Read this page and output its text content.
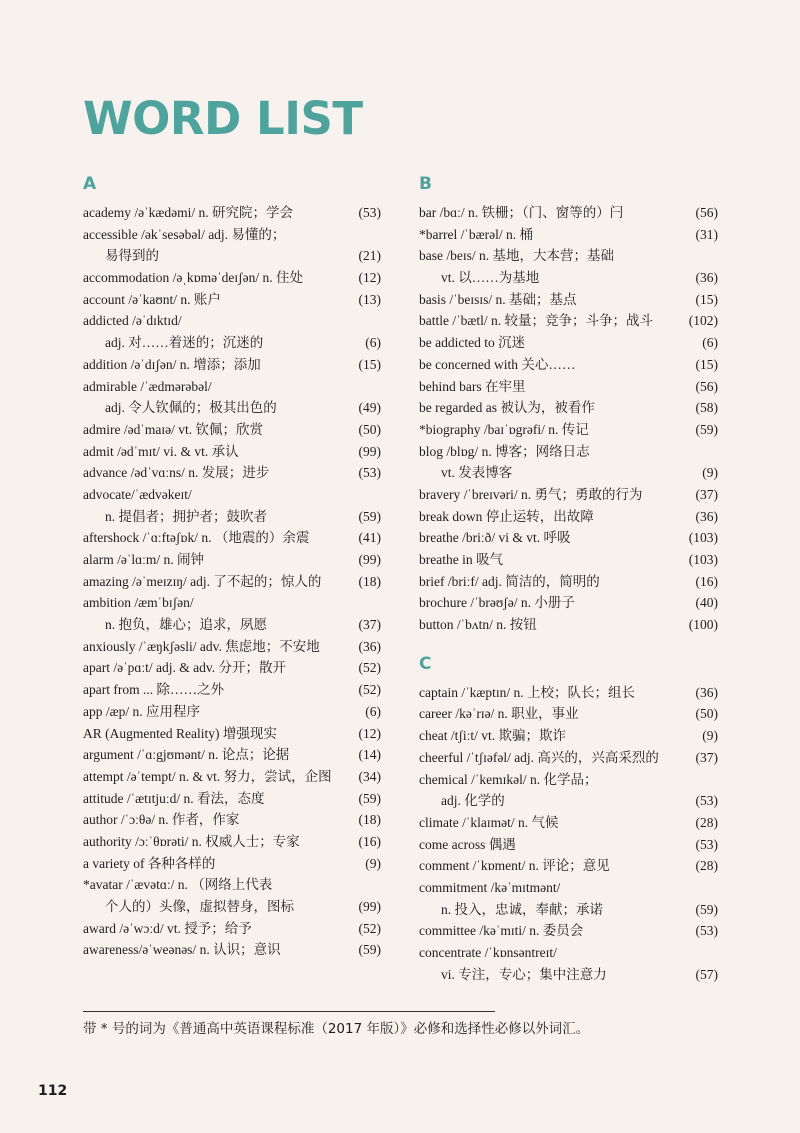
WORD LIST
A
academy /əˈkædəmi/ n. 研究院；学会	(53)
accessible /əkˈsesəbəl/ adj. 易懂的；
易得到的	(21)
accommodation /əˌkɒməˈdeɪʃən/ n. 住处	(12)
account /əˈkaʊnt/ n. 账户	(13)
addicted /əˈdɪktɪd/
adj. 对……着迷的；沉迷的	(6)
addition /əˈdɪʃən/ n. 增添；添加	(15)
admirable /ˈædmərəbəl/
adj. 令人钦佩的；极其出色的	(49)
admire /ədˈmaɪə/ vt. 钦佩；欣赏	(50)
admit /ədˈmɪt/ vi. & vt. 承认	(99)
advance /ədˈvɑːns/ n. 发展；进步	(53)
advocate/ˈædvəkeɪt/
n. 提倡者；拥护者；鼓吹者	(59)
aftershock /ˈɑːftəʃɒk/ n. （地震的）余震	(41)
alarm /əˈlɑːm/ n. 闹钟	(99)
amazing /əˈmeɪzɪŋ/ adj. 了不起的；惊人的	(18)
ambition /æmˈbɪʃən/
n. 抱负，雄心；追求，夙愿	(37)
anxiously /ˈæŋkʃəsli/ adv. 焦虑地；不安地	(36)
apart /əˈpɑːt/ adj. & adv. 分开；散开	(52)
apart from ... 除……之外	(52)
app /æp/ n. 应用程序	(6)
AR (Augmented Reality) 增强现实	(12)
argument /ˈɑːgjʊmənt/ n. 论点；论据	(14)
attempt /əˈtempt/ n. & vt. 努力，尝试，企图 (34)
attitude /ˈætɪtjuːd/ n. 看法，态度	(59)
author /ˈɔːθə/ n. 作者，作家	(18)
authority /ɔːˈθɒrəti/ n. 权威人士；专家	(16)
a variety of 各种各样的	(9)
*avatar /ˈævətɑː/ n. （网络上代表
个人的）头像，虚拟替身，图标	(99)
award /əˈwɔːd/ vt. 授予；给予	(52)
awareness/əˈweənəs/ n. 认识；意识	(59)
B
bar /bɑː/ n. 铁栅；（门、窗等的）闩	(56)
*barrel /ˈbærəl/ n. 桶	(31)
base /beɪs/ n. 基地，大本营；基础
vt. 以……为基地	(36)
basis /ˈbeɪsɪs/ n. 基础；基点	(15)
battle /ˈbætl/ n. 较量；竞争；斗争；战斗	(102)
be addicted to 沉迷	(6)
be concerned with 关心……	(15)
behind bars 在牢里	(56)
be regarded as 被认为，被看作	(58)
*biography /baɪˈɒgrəfi/ n. 传记	(59)
blog /blɒg/ n. 博客；网络日志
vt. 发表博客	(9)
bravery /ˈbreɪvəri/ n. 勇气；勇敢的行为	(37)
break down 停止运转，出故障	(36)
breathe /briːð/ vi & vt. 呼吸	(103)
breathe in 吸气	(103)
brief /briːf/ adj. 简洁的，简明的	(16)
brochure /ˈbrəʊʃə/ n. 小册子	(40)
button /ˈbʌtn/ n. 按钮	(100)
C
captain /ˈkæptɪn/ n. 上校；队长；组长	(36)
career /kəˈrɪə/ n. 职业，事业	(50)
cheat /tʃiːt/ vt. 欺骗；欺诈	(9)
cheerful /ˈtʃɪəfəl/ adj. 高兴的，兴高采烈的	(37)
chemical /ˈkemɪkəl/ n. 化学品；
adj. 化学的	(53)
climate /ˈklaɪmət/ n. 气候	(28)
come across 偶遇	(53)
comment /ˈkɒment/ n. 评论；意见	(28)
commitment /kəˈmɪtmənt/
n. 投入，忠诚，奉献；承诺	(59)
committee /kəˈmɪti/ n. 委员会	(53)
concentrate /ˈkɒnsəntreɪt/
vi. 专注，专心；集中注意力	(57)
带 * 号的词为《普通高中英语课程标准（2017 年版）》必修和选择性必修以外词汇。
112
